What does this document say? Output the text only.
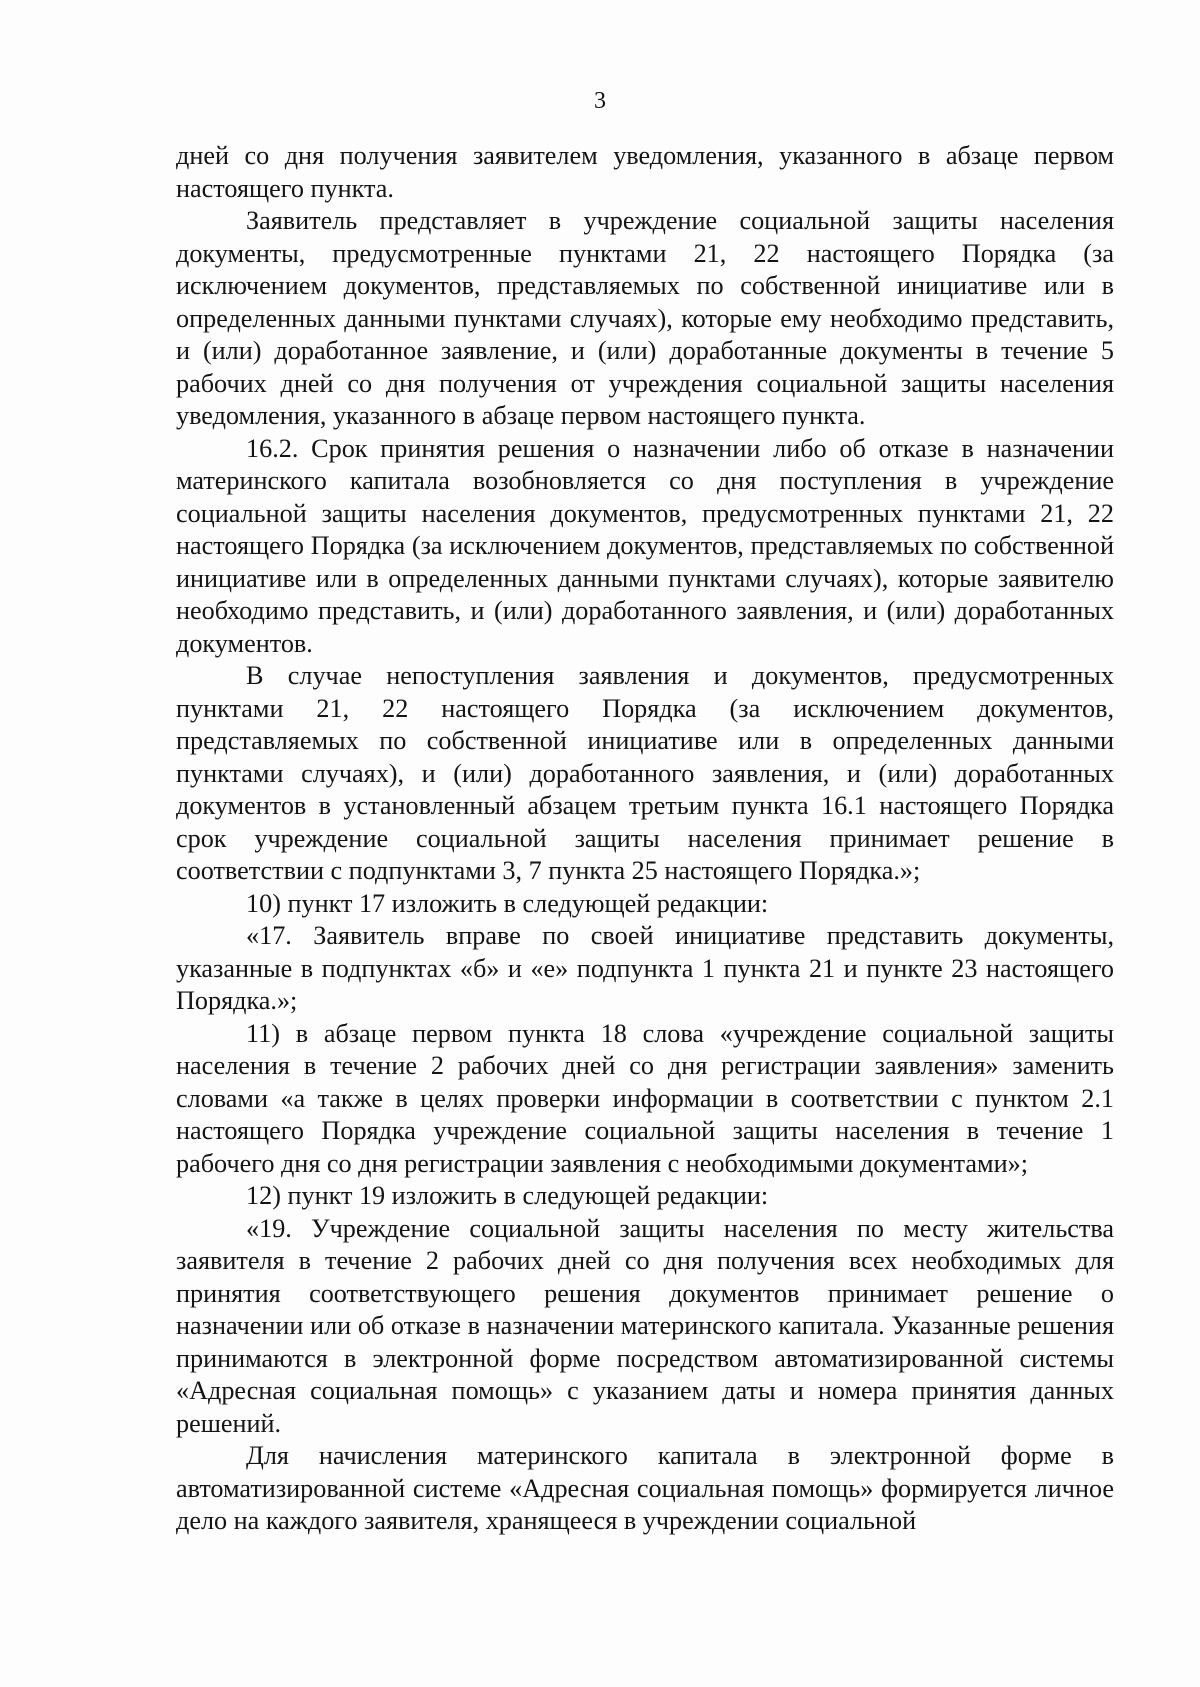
3

дней со дня получения заявителем уведомления, указанного в абзаце первом настоящего пункта.

Заявитель представляет в учреждение социальной защиты населения документы, предусмотренные пунктами 21, 22 настоящего Порядка (за исключением документов, представляемых по собственной инициативе или в определенных данными пунктами случаях), которые ему необходимо представить, и (или) доработанное заявление, и (или) доработанные документы в течение 5 рабочих дней со дня получения от учреждения социальной защиты населения уведомления, указанного в абзаце первом настоящего пункта.

16.2. Срок принятия решения о назначении либо об отказе в назначении материнского капитала возобновляется со дня поступления в учреждение социальной защиты населения документов, предусмотренных пунктами 21, 22 настоящего Порядка (за исключением документов, представляемых по собственной инициативе или в определенных данными пунктами случаях), которые заявителю необходимо представить, и (или) доработанного заявления, и (или) доработанных документов.

В случае непоступления заявления и документов, предусмотренных пунктами 21, 22 настоящего Порядка (за исключением документов, представляемых по собственной инициативе или в определенных данными пунктами случаях), и (или) доработанного заявления, и (или) доработанных документов в установленный абзацем третьим пункта 16.1 настоящего Порядка срок учреждение социальной защиты населения принимает решение в соответствии с подпунктами 3, 7 пункта 25 настоящего Порядка.»;

10) пункт 17 изложить в следующей редакции:

«17. Заявитель вправе по своей инициативе представить документы, указанные в подпунктах «б» и «е» подпункта 1 пункта 21 и пункте 23 настоящего Порядка.»;

11) в абзаце первом пункта 18 слова «учреждение социальной защиты населения в течение 2 рабочих дней со дня регистрации заявления» заменить словами «а также в целях проверки информации в соответствии с пунктом 2.1 настоящего Порядка учреждение социальной защиты населения в течение 1 рабочего дня со дня регистрации заявления с необходимыми документами»;

12) пункт 19 изложить в следующей редакции:

«19. Учреждение социальной защиты населения по месту жительства заявителя в течение 2 рабочих дней со дня получения всех необходимых для принятия соответствующего решения документов принимает решение о назначении или об отказе в назначении материнского капитала. Указанные решения принимаются в электронной форме посредством автоматизированной системы «Адресная социальная помощь» с указанием даты и номера принятия данных решений.

Для начисления материнского капитала в электронной форме в автоматизированной системе «Адресная социальная помощь» формируется личное дело на каждого заявителя, хранящееся в учреждении социальной
